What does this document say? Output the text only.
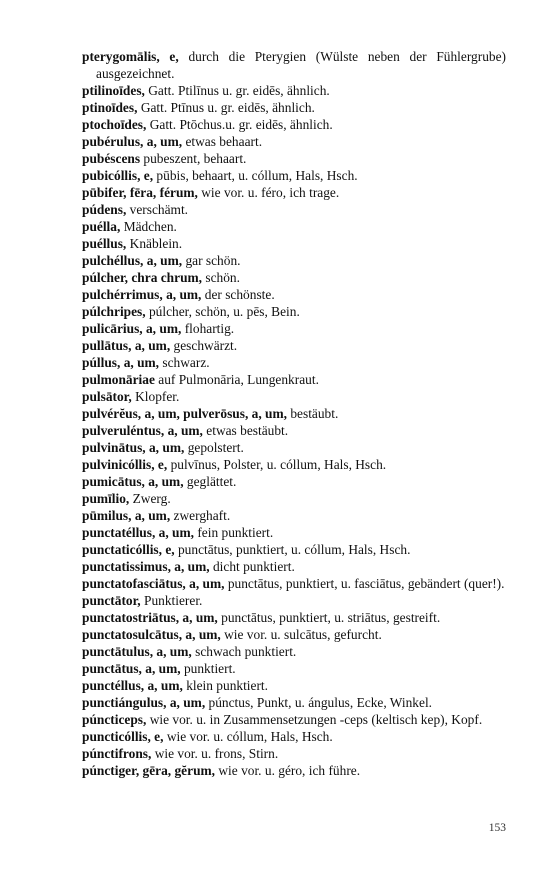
pterygomālis, e, durch die Pterygien (Wülste neben der Fühlergrube) ausgezeichnet.

ptilinoīdes, Gatt. Ptilīnus u. gr. eidēs, ähnlich.

ptinoīdes, Gatt. Ptīnus u. gr. eidēs, ähnlich.

ptochoīdes, Gatt. Ptōchus.u. gr. eidēs, ähnlich.

pubérulus, a, um, etwas behaart.

pubéscens pubeszent, behaart.

pubicóllis, e, pūbis, behaart, u. cóllum, Hals, Hsch.

pūbifer, fēra, férum, wie vor. u. féro, ich trage.

púdens, verschämt.

puélla, Mädchen.

puéllus, Knäblein.

pulchéllus, a, um, gar schön.

púlcher, chra chrum, schön.

pulchérrimus, a, um, der schönste.

púlchripes, púlcher, schön, u. pēs, Bein.

pulicārius, a, um, flohartig.

pullātus, a, um, geschwärzt.

púllus, a, um, schwarz.

pulmonāriae auf Pulmonāria, Lungenkraut.

pulsātor, Klopfer.

pulvérĕus, a, um, pulverōsus, a, um, bestäubt.

pulveruléntus, a, um, etwas bestäubt.

pulvinātus, a, um, gepolstert.

pulvinicóllis, e, pulvīnus, Polster, u. cóllum, Hals, Hsch.

pumicātus, a, um, geglättet.

pumīlio, Zwerg.

pūmilus, a, um, zwerghaft.

punctatéllus, a, um, fein punktiert.

punctaticóllis, e, punctātus, punktiert, u. cóllum, Hals, Hsch.

punctatissimus, a, um, dicht punktiert.

punctatofasciātus, a, um, punctātus, punktiert, u. fasciātus, gebändert (quer!).

punctātor, Punktierer.

punctatostriātus, a, um, punctātus, punktiert, u. striātus, gestreift.

punctatosulcātus, a, um, wie vor. u. sulcātus, gefurcht.

punctātulus, a, um, schwach punktiert.

punctātus, a, um, punktiert.

punctéllus, a, um, klein punktiert.

punctiángulus, a, um, púnctus, Punkt, u. ángulus, Ecke, Winkel.

púncticeps, wie vor. u. in Zusammensetzungen -ceps (keltisch kep), Kopf.

puncticóllis, e, wie vor. u. cóllum, Hals, Hsch.

púnctifrons, wie vor. u. frons, Stirn.

púnctiger, gēra, gĕrum, wie vor. u. géro, ich führe.

153
